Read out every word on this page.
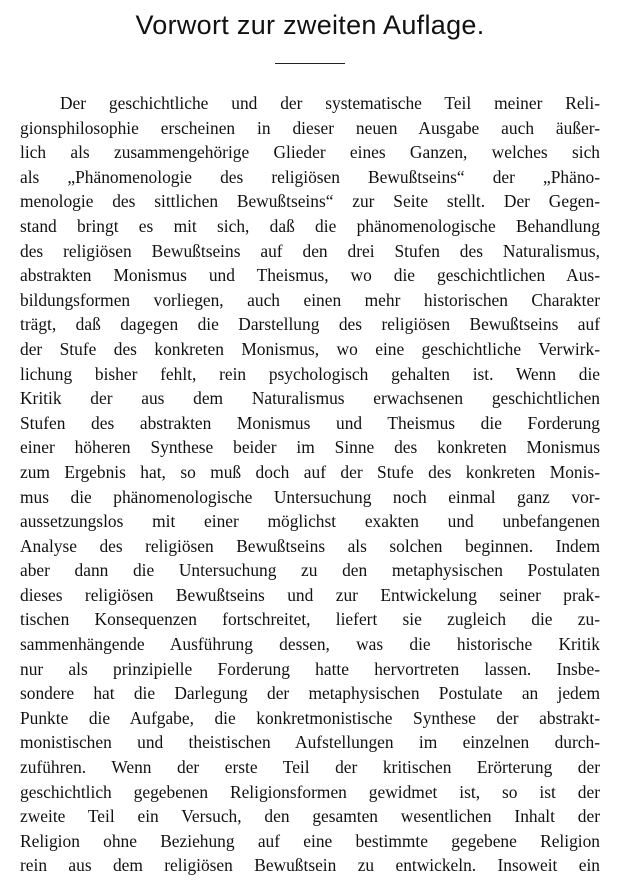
Vorwort zur zweiten Auflage.
Der geschichtliche und der systematische Teil meiner Reli-
gionsphilosophie erscheinen in dieser neuen Ausgabe auch äußer-
lich als zusammengehörige Glieder eines Ganzen, welches sich
als „Phänomenologie des religiösen Bewußtseins“ der „Phäno-
menologie des sittlichen Bewußtseins“ zur Seite stellt. Der Gegen-
stand bringt es mit sich, daß die phänomenologische Behandlung
des religiösen Bewußtseins auf den drei Stufen des Naturalismus,
abstrakten Monismus und Theismus, wo die geschichtlichen Aus-
bildungsformen vorliegen, auch einen mehr historischen Charakter
trägt, daß dagegen die Darstellung des religiösen Bewußtseins auf
der Stufe des konkreten Monismus, wo eine geschichtliche Verwirk-
lichung bisher fehlt, rein psychologisch gehalten ist. Wenn die
Kritik der aus dem Naturalismus erwachsenen geschichtlichen
Stufen des abstrakten Monismus und Theismus die Forderung
einer höheren Synthese beider im Sinne des konkreten Monismus
zum Ergebnis hat, so muß doch auf der Stufe des konkreten Monis-
mus die phänomenologische Untersuchung noch einmal ganz vor-
aussetzungslos mit einer möglichst exakten und unbefangenen
Analyse des religiösen Bewußtseins als solchen beginnen. Indem
aber dann die Untersuchung zu den metaphysischen Postulaten
dieses religiösen Bewußtseins und zur Entwickelung seiner prak-
tischen Konsequenzen fortschreitet, liefert sie zugleich die zu-
sammenhängende Ausführung dessen, was die historische Kritik
nur als prinzipielle Forderung hatte hervortreten lassen. Insbe-
sondere hat die Darlegung der metaphysischen Postulate an jedem
Punkte die Aufgabe, die konkretmonistische Synthese der abstrakt-
monistischen und theistischen Aufstellungen im einzelnen durch-
zuführen. Wenn der erste Teil der kritischen Erörterung der
geschichtlich gegebenen Religionsformen gewidmet ist, so ist der
zweite Teil ein Versuch, den gesamten wesentlichen Inhalt der
Religion ohne Beziehung auf eine bestimmte gegebene Religion
rein aus dem religiösen Bewußtsein zu entwickeln. Insoweit ein
